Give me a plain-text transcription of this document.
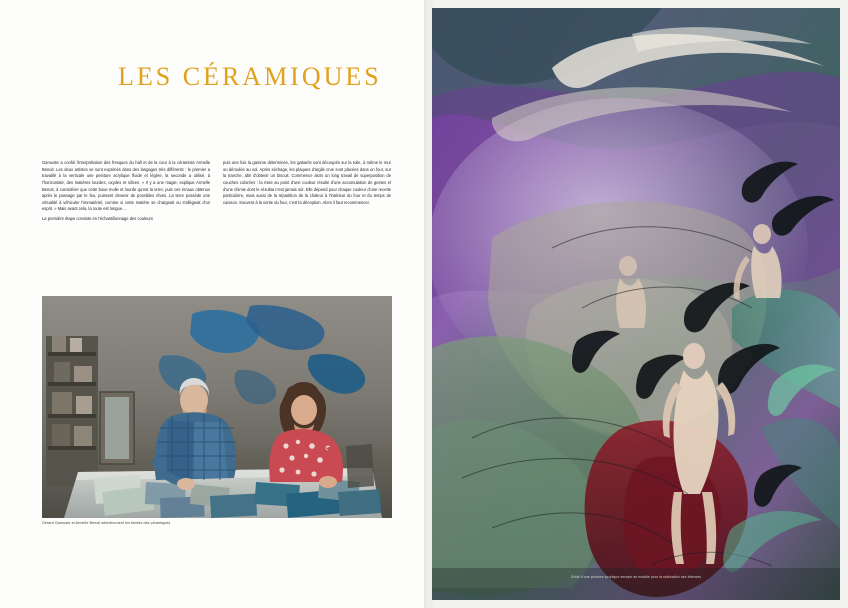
LES CÉRAMIQUES

Garouste a confié l'interprétation des fresques du hall et de la cour à la céramiste Armelle Benoit. Les deux artistes se sont exprimés dans des langages très différents : le premier a travaillé à la verticale une peinture acrylique fluide et légère, la seconde a utilisé, à l'horizontale, des matières lourdes, oxydes et silices. « Il y a une magie, explique Armelle Benoit, à considérer que cette boue molle et lourde qu'est la terre, puis ces émaux obtenus après le passage par le feu, puissent devenir de possibles rêves. La terre possède une virtualité à véhiculer l'immatériel, comme si cette matière se chargeait ou s'allégeait d'un esprit. » Mais avant cela, la route est longue…

La première étape consiste en l'échantillonnage des couleurs

puis une fois la gamme déterminée, les gabarits sont découpés sur la toile, à même le mur ou déroulée au sol. Après séchage, les plaques d'argile crue sont placées dans un four, sur la tranche, afin d'obtenir un biscuit. Commence alors un long travail de superposition de couches colorées : la mise au point d'une couleur résulte d'une accumulation de gestes et d'une chimie dont le résultat n'est jamais sûr. Elle dépend pour chaque couleur d'une recette particulière, mais aussi de la répartition de la chaleur à l'intérieur du four et du temps de cuisson. Souvent à la sortie du four, c'est la déception. Alors il faut recommencer.

Gérard Garouste et Armelle Benoit sélectionnent les teintes des céramiques
Détail d'une peinture acrylique servant de modèle pour la réalisation des faïences
